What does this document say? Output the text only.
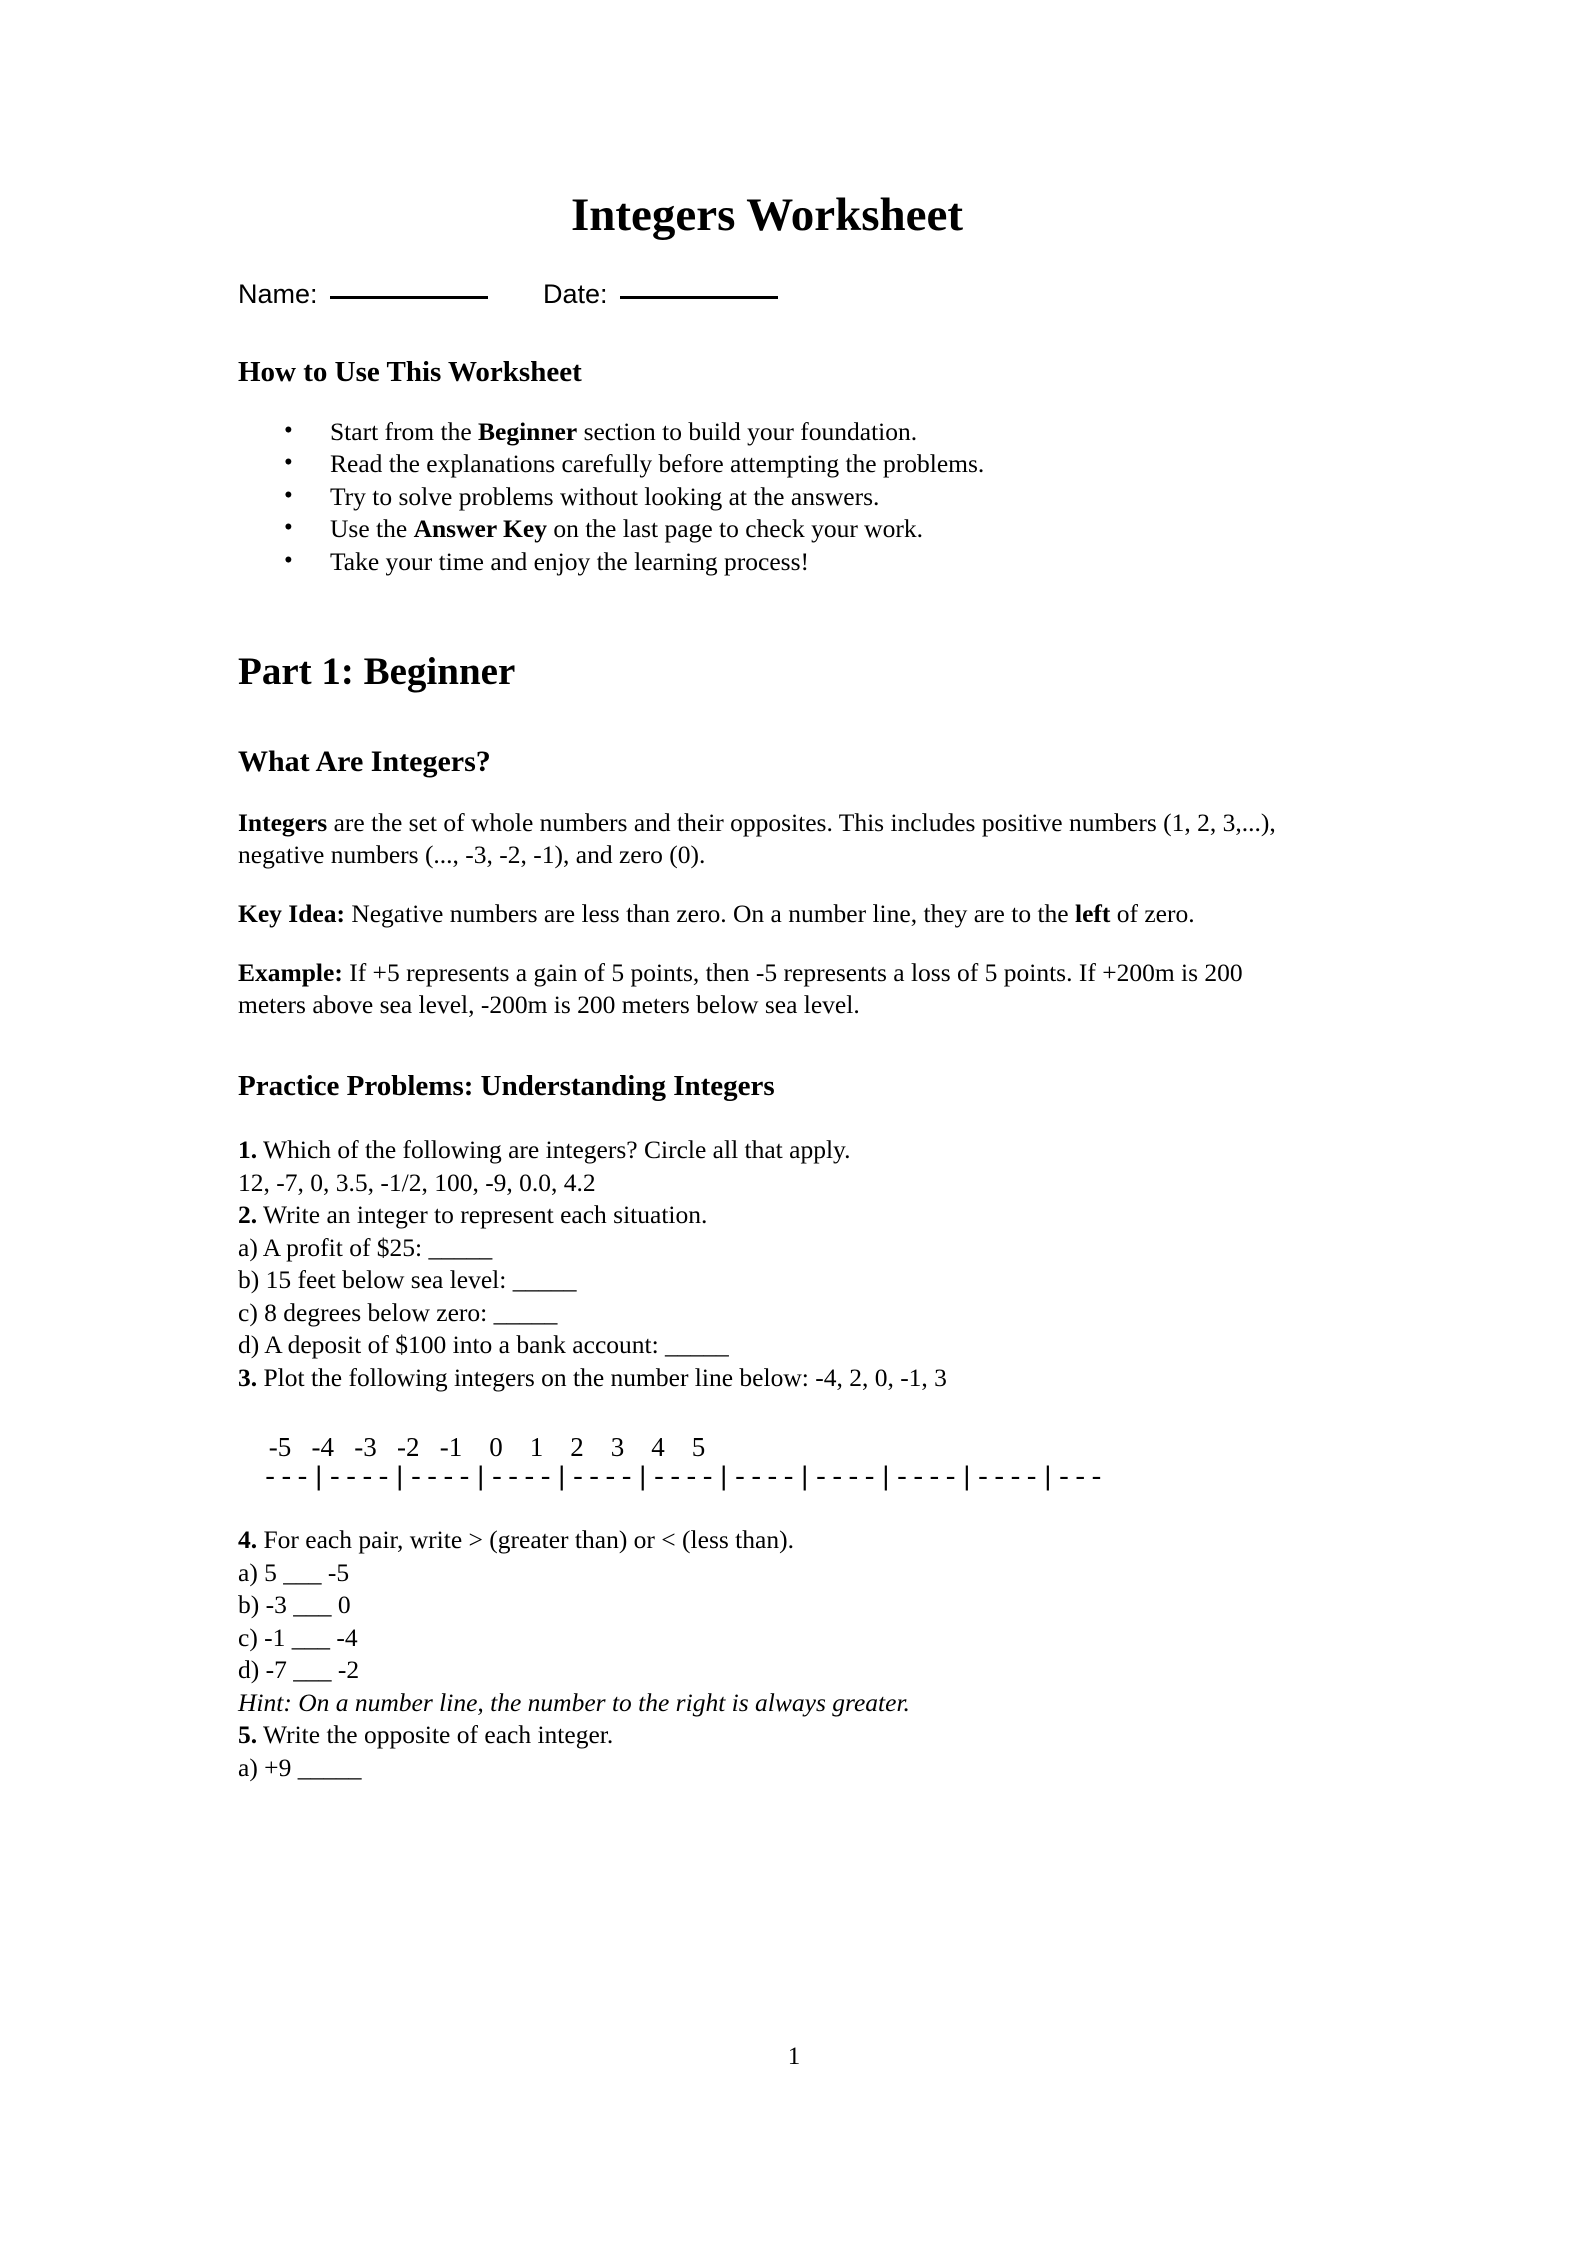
Integers Worksheet
Name:	Date:
How to Use This Worksheet
• Start from the Beginner section to build your foundation.
• Read the explanations carefully before attempting the problems.
• Try to solve problems without looking at the answers.
• Use the Answer Key on the last page to check your work.
• Take your time and enjoy the learning process!
Part 1: Beginner
What Are Integers?

Integers are the set of whole numbers and their opposites. This includes positive numbers (1, 2, 3,...), negative numbers (..., -3, -2, -1), and zero (0).

Key Idea: Negative numbers are less than zero. On a number line, they are to the left of zero.

Example: If +5 represents a gain of 5 points, then -5 represents a loss of 5 points. If +200m is 200 meters above sea level, -200m is 200 meters below sea level.

Practice Problems: Understanding Integers
1. Which of the following are integers? Circle all that apply.
12, -7, 0, 3.5, -1/2, 100, -9, 0.0, 4.2
2. Write an integer to represent each situation.
a) A profit of $25: _____
b) 15 feet below sea level: _____
c) 8 degrees below zero: _____
d) A deposit of $100 into a bank account: _____
3. Plot the following integers on the number line below: -4, 2, 0, -1, 3
-5   -4   -3   -2   -1    0    1    2    3    4    5
---|----|----|----|----|----|----|----|----|----|---
4. For each pair, write > (greater than) or < (less than).
a) 5 ___ -5
b) -3 ___ 0
c) -1 ___ -4
d) -7 ___ -2
Hint: On a number line, the number to the right is always greater.
5. Write the opposite of each integer.
a) +9 _____
1
